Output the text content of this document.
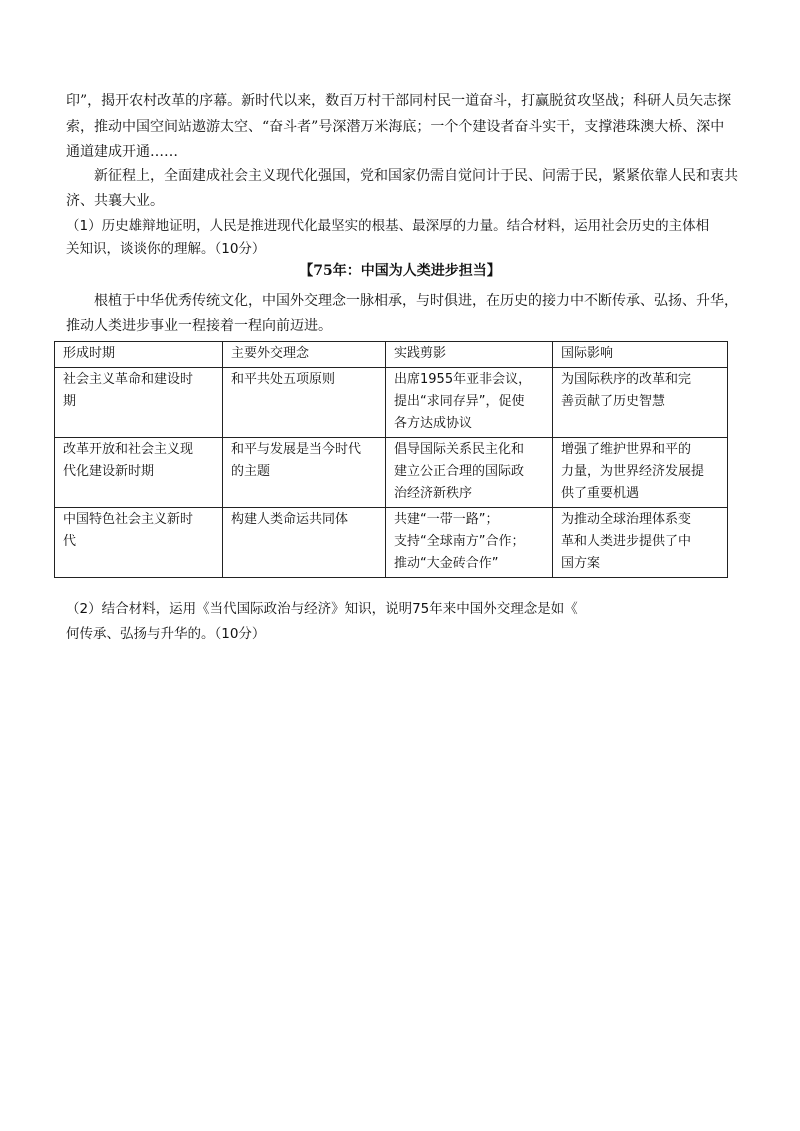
印”，揭开农村改革的序幕。新时代以来，数百万村干部同村民一道奋斗，打赢脱贫攻坚战；科研人员矢志探
索，推动中国空间站遨游太空、“奋斗者”号深潜万米海底；一个个建设者奋斗实干，支撑港珠澳大桥、深中
通道建成开通……
新征程上，全面建成社会主义现代化强国，党和国家仍需自觉问计于民、问需于民，紧紧依靠人民和衷共
济、共襄大业。
（1）历史雄辩地证明，人民是推进现代化最坚实的根基、最深厚的力量。结合材料，运用社会历史的主体相
关知识，谈谈你的理解。（10分）
【75年：中国为人类进步担当】
根植于中华优秀传统文化，中国外交理念一脉相承，与时俱进，在历史的接力中不断传承、弘扬、升华，
推动人类进步事业一程接着一程向前迈进。
形成时期	主要外交理念	实践剪影	国际影响

社会主义革命和建设时
期	和平共处五项原则	出席1955年亚非会议，
提出“求同存异”，促使
各方达成协议	为国际秩序的改革和完
善贡献了历史智慧

改革开放和社会主义现
代化建设新时期	和平与发展是当今时代
的主题	倡导国际关系民主化和
建立公正合理的国际政
治经济新秩序	增强了维护世界和平的
力量，为世界经济发展提
供了重要机遇

中国特色社会主义新时
代	构建人类命运共同体	共建“一带一路”；
支持“全球南方”合作；
推动“大金砖合作”	为推动全球治理体系变
革和人类进步提供了中
国方案
（2）结合材料，运用《当代国际政治与经济》知识，说明75年来中国外交理念是如《
何传承、弘扬与升华的。（10分）
